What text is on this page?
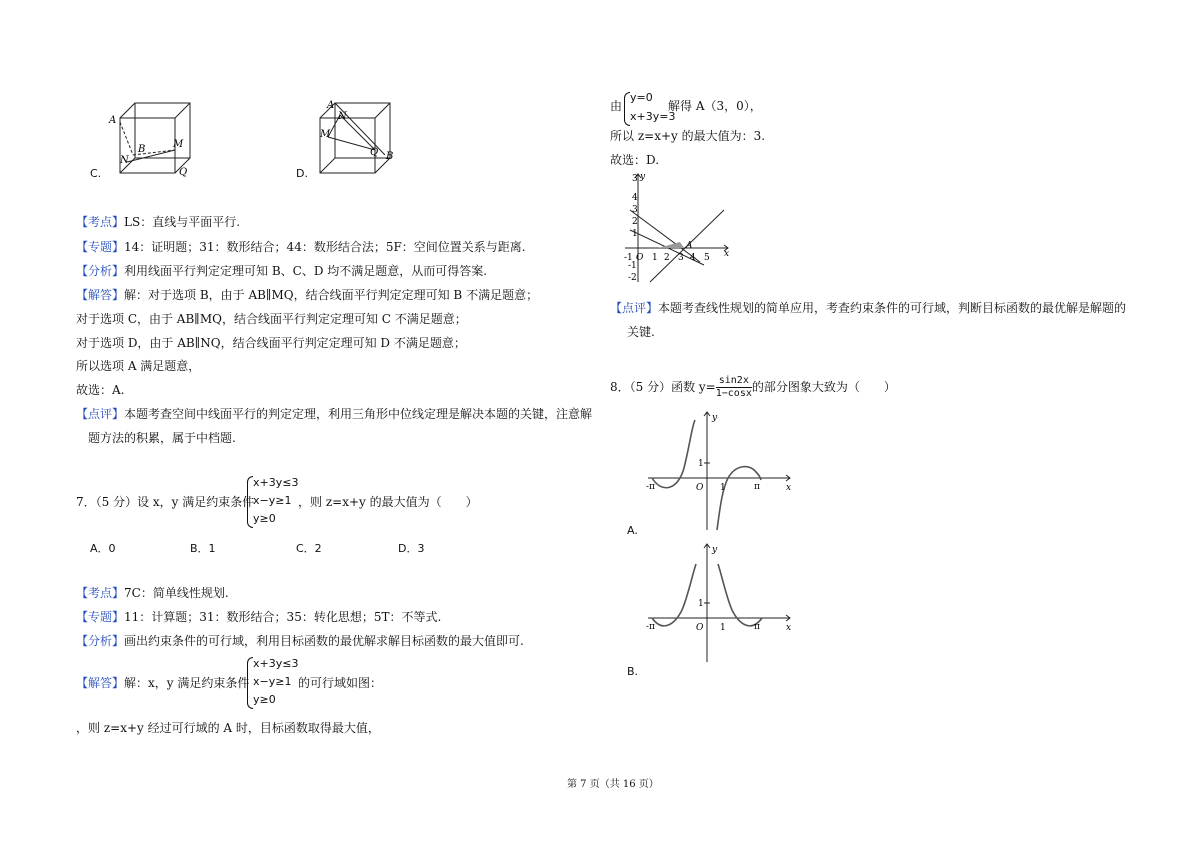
A
B	M
N
Q
C.
A
N
M
Q B
D.
【考点】LS：直线与平面平行.
【专题】14：证明题；31：数形结合；44：数形结合法；5F：空间位置关系与距离.
【分析】利用线面平行判定定理可知 B、C、D 均不满足题意，从而可得答案.
【解答】解：对于选项 B，由于 AB∥MQ，结合线面平行判定定理可知 B 不满足题意；
对于选项 C，由于 AB∥MQ，结合线面平行判定定理可知 C 不满足题意；
对于选项 D，由于 AB∥NQ，结合线面平行判定定理可知 D 不满足题意；
所以选项 A 满足题意，
故选：A.
【点评】本题考查空间中线面平行的判定定理，利用三角形中位线定理是解决本题的关键，注意解
题方法的积累，属于中档题.
7．（5 分）设 x，y 满足约束条件
x+3y≤3
x−y≥1
y≥0
，则 z=x+y 的最大值为（　　）
A．0	B．1	C．2	D．3
【考点】7C：简单线性规划.
【专题】11：计算题；31：数形结合；35：转化思想；5T：不等式.
【分析】画出约束条件的可行域，利用目标函数的最优解求解目标函数的最大值即可.
【解答】解：x，y 满足约束条件
x+3y≤3
x−y≥1
y≥0
的可行域如图：
，则 z=x+y 经过可行域的 A 时，目标函数取得最大值，
由
y=0
x+3y=3
解得 A（3，0），
所以 z=x+y 的最大值为：3.
故选：D.
y
x
A
3
4
3
2
1
-1
-2
-1 O 1 2 3 4 5
【点评】本题考查线性规划的简单应用，考查约束条件的可行域，判断目标函数的最优解是解题的
关键.
8．（5 分）函数 $y= \frac{\sin 2x}{1-\cos x}$ 的部分图象大致为（　　）
y
x
1
-π	O 1	π
A.
y
x
1
-π	O 1	π
B.
第 7 页（共 16 页）
